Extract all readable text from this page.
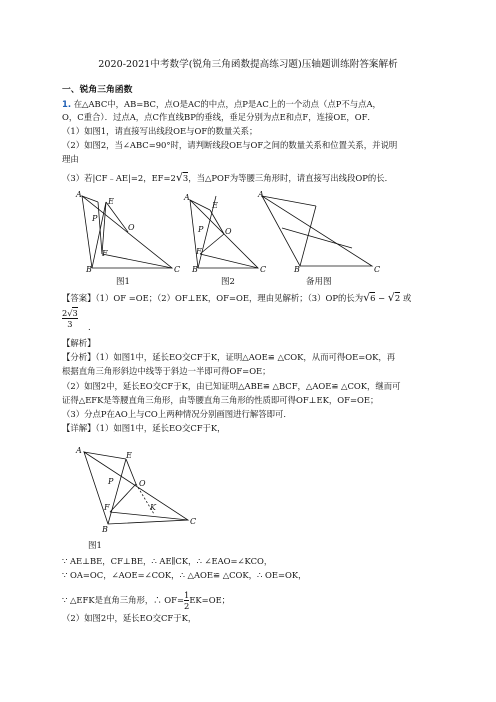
2020-2021中考数学(锐角三角函数提高练习题)压轴题训练附答案解析
一、锐角三角函数
1. 在△ABC中，AB=BC，点O是AC的中点，点P是AC上的一个动点（点P不与点A，
O，C重合）．过点A，点C作直线BP的垂线，垂足分别为点E和点F，连接OE，OF．
（1）如图1，请直接写出线段OE与OF的数量关系；
（2）如图2，当∠ABC=90°时，请判断线段OE与OF之间的数量关系和位置关系，并说明
理由
（3）若|CF﹣AE|=2，EF=2√3，当△POF为等腰三角形时，请直接写出线段OP的长．
A
B	C
E
P
O
F
图1
A
B	C
E
P	O
F
图2
A
B	C
备用图
【答案】（1）OF =OE；（2）OF⊥EK，OF=OE，理由见解析；（3）OP的长为√6 − √2 或
$\frac{2√3}{3}$ .
【解析】
【分析】（1）如图1中，延长EO交CF于K，证明△AOE≌ △COK，从而可得OE=OK，再
根据直角三角形斜边中线等于斜边一半即可得OF=OE；
（2）如图2中，延长EO交CF于K，由已知证明△ABE≌ △BCF，△AOE≌ △COK，继而可
证得△EFK是等腰直角三角形，由等腰直角三角形的性质即可得OF⊥EK，OF=OE；
（3）分点P在AO上与CO上两种情况分别画图进行解答即可．
【详解】（1）如图1中，延长EO交CF于K，
A
E
P	O
F	K
B
C
图1
∵ AE⊥BE，CF⊥BE，∴ AE∥CK，∴ ∠EAO=∠KCO，
∵ OA=OC，∠AOE=∠COK，∴ △AOE≌ △COK，∴ OE=OK，
∵ △EFK是直角三角形，∴ $OF= \frac{1}{2} EK=OE$；
（2）如图2中，延长EO交CF于K，
